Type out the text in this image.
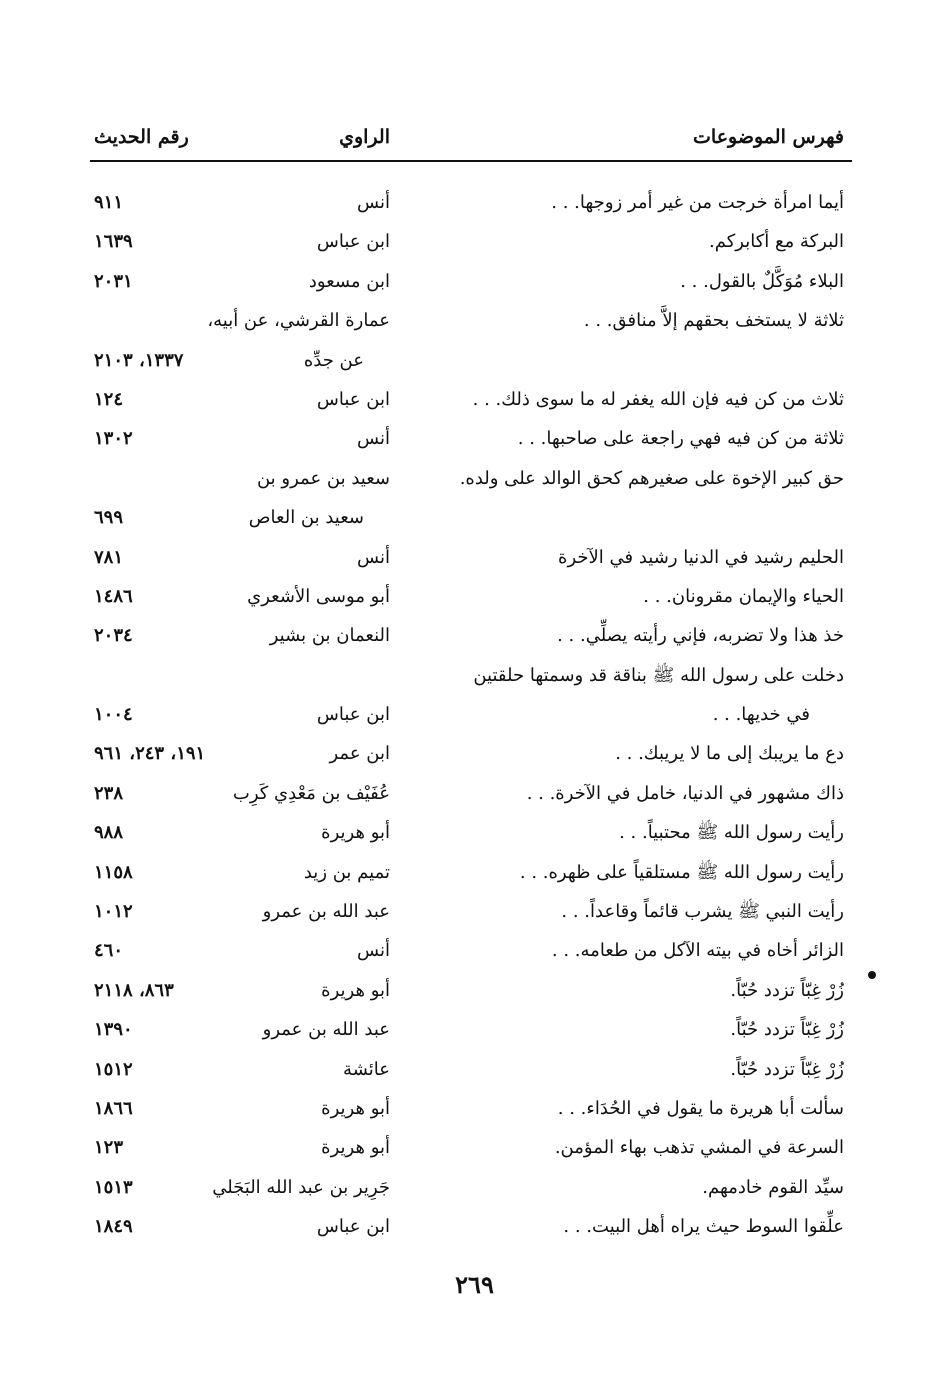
فهرس الموضوعات
الراوي
رقم الحديث
أيما امرأة خرجت من غير أمر زوجها. . .
أنس
٩١١
البركة مع أكابركم.
ابن عباس
١٦٣٩
البلاء مُوَكَّلٌ بالقول. . .
ابن مسعود
٢٠٣١
ثلاثة لا يستخف بحقهم إلاَّ منافق. . .
عمارة القرشي، عن أبيه،
عن جدِّه
١٣٣٧، ٢١٠٣
ثلاث من كن فيه فإن الله يغفر له ما سوى ذلك. . .
ابن عباس
١٢٤
ثلاثة من كن فيه فهي راجعة على صاحبها. . .
أنس
١٣٠٢
حق كبير الإخوة على صغيرهم كحق الوالد على ولده.
سعيد بن عمرو بن
سعيد بن العاص
٦٩٩
الحليم رشيد في الدنيا رشيد في الآخرة
أنس
٧٨١
الحياء والإيمان مقرونان. . .
أبو موسى الأشعري
١٤٨٦
خذ هذا ولا تضربه، فإني رأيته يصلِّي. . .
النعمان بن بشير
٢٠٣٤
دخلت على رسول الله ﷺ بناقة قد وسمتها حلقتين
في خديها. . .
ابن عباس
١٠٠٤
دع ما يريبك إلى ما لا يريبك. . .
ابن عمر
١٩١، ٢٤٣، ٩٦١
ذاك مشهور في الدنيا، خامل في الآخرة. . .
عُفَيْف بن مَعْدِي كَرِب
٢٣٨
رأيت رسول الله ﷺ محتبياً. . .
أبو هريرة
٩٨٨
رأيت رسول الله ﷺ مستلقياً على ظهره. . .
تميم بن زيد
١١٥٨
رأيت النبي ﷺ يشرب قائماً وقاعداً. . .
عبد الله بن عمرو
١٠١٢
الزائر أخاه في بيته الآكل من طعامه. . .
أنس
٤٦٠
زُرْ غِبّاً تزدد حُبّاً.
أبو هريرة
٨٦٣، ٢١١٨
زُرْ غِبّاً تزدد حُبّاً.
عبد الله بن عمرو
١٣٩٠
زُرْ غِبّاً تزدد حُبّاً.
عائشة
١٥١٢
سألت أبا هريرة ما يقول في الحُدَاء. . .
أبو هريرة
١٨٦٦
السرعة في المشي تذهب بهاء المؤمن.
أبو هريرة
١٢٣
سيِّد القوم خادمهم.
جَرِير بن عبد الله البَجَلي
١٥١٣
علِّقوا السوط حيث يراه أهل البيت. . .
ابن عباس
١٨٤٩
٢٦٩
